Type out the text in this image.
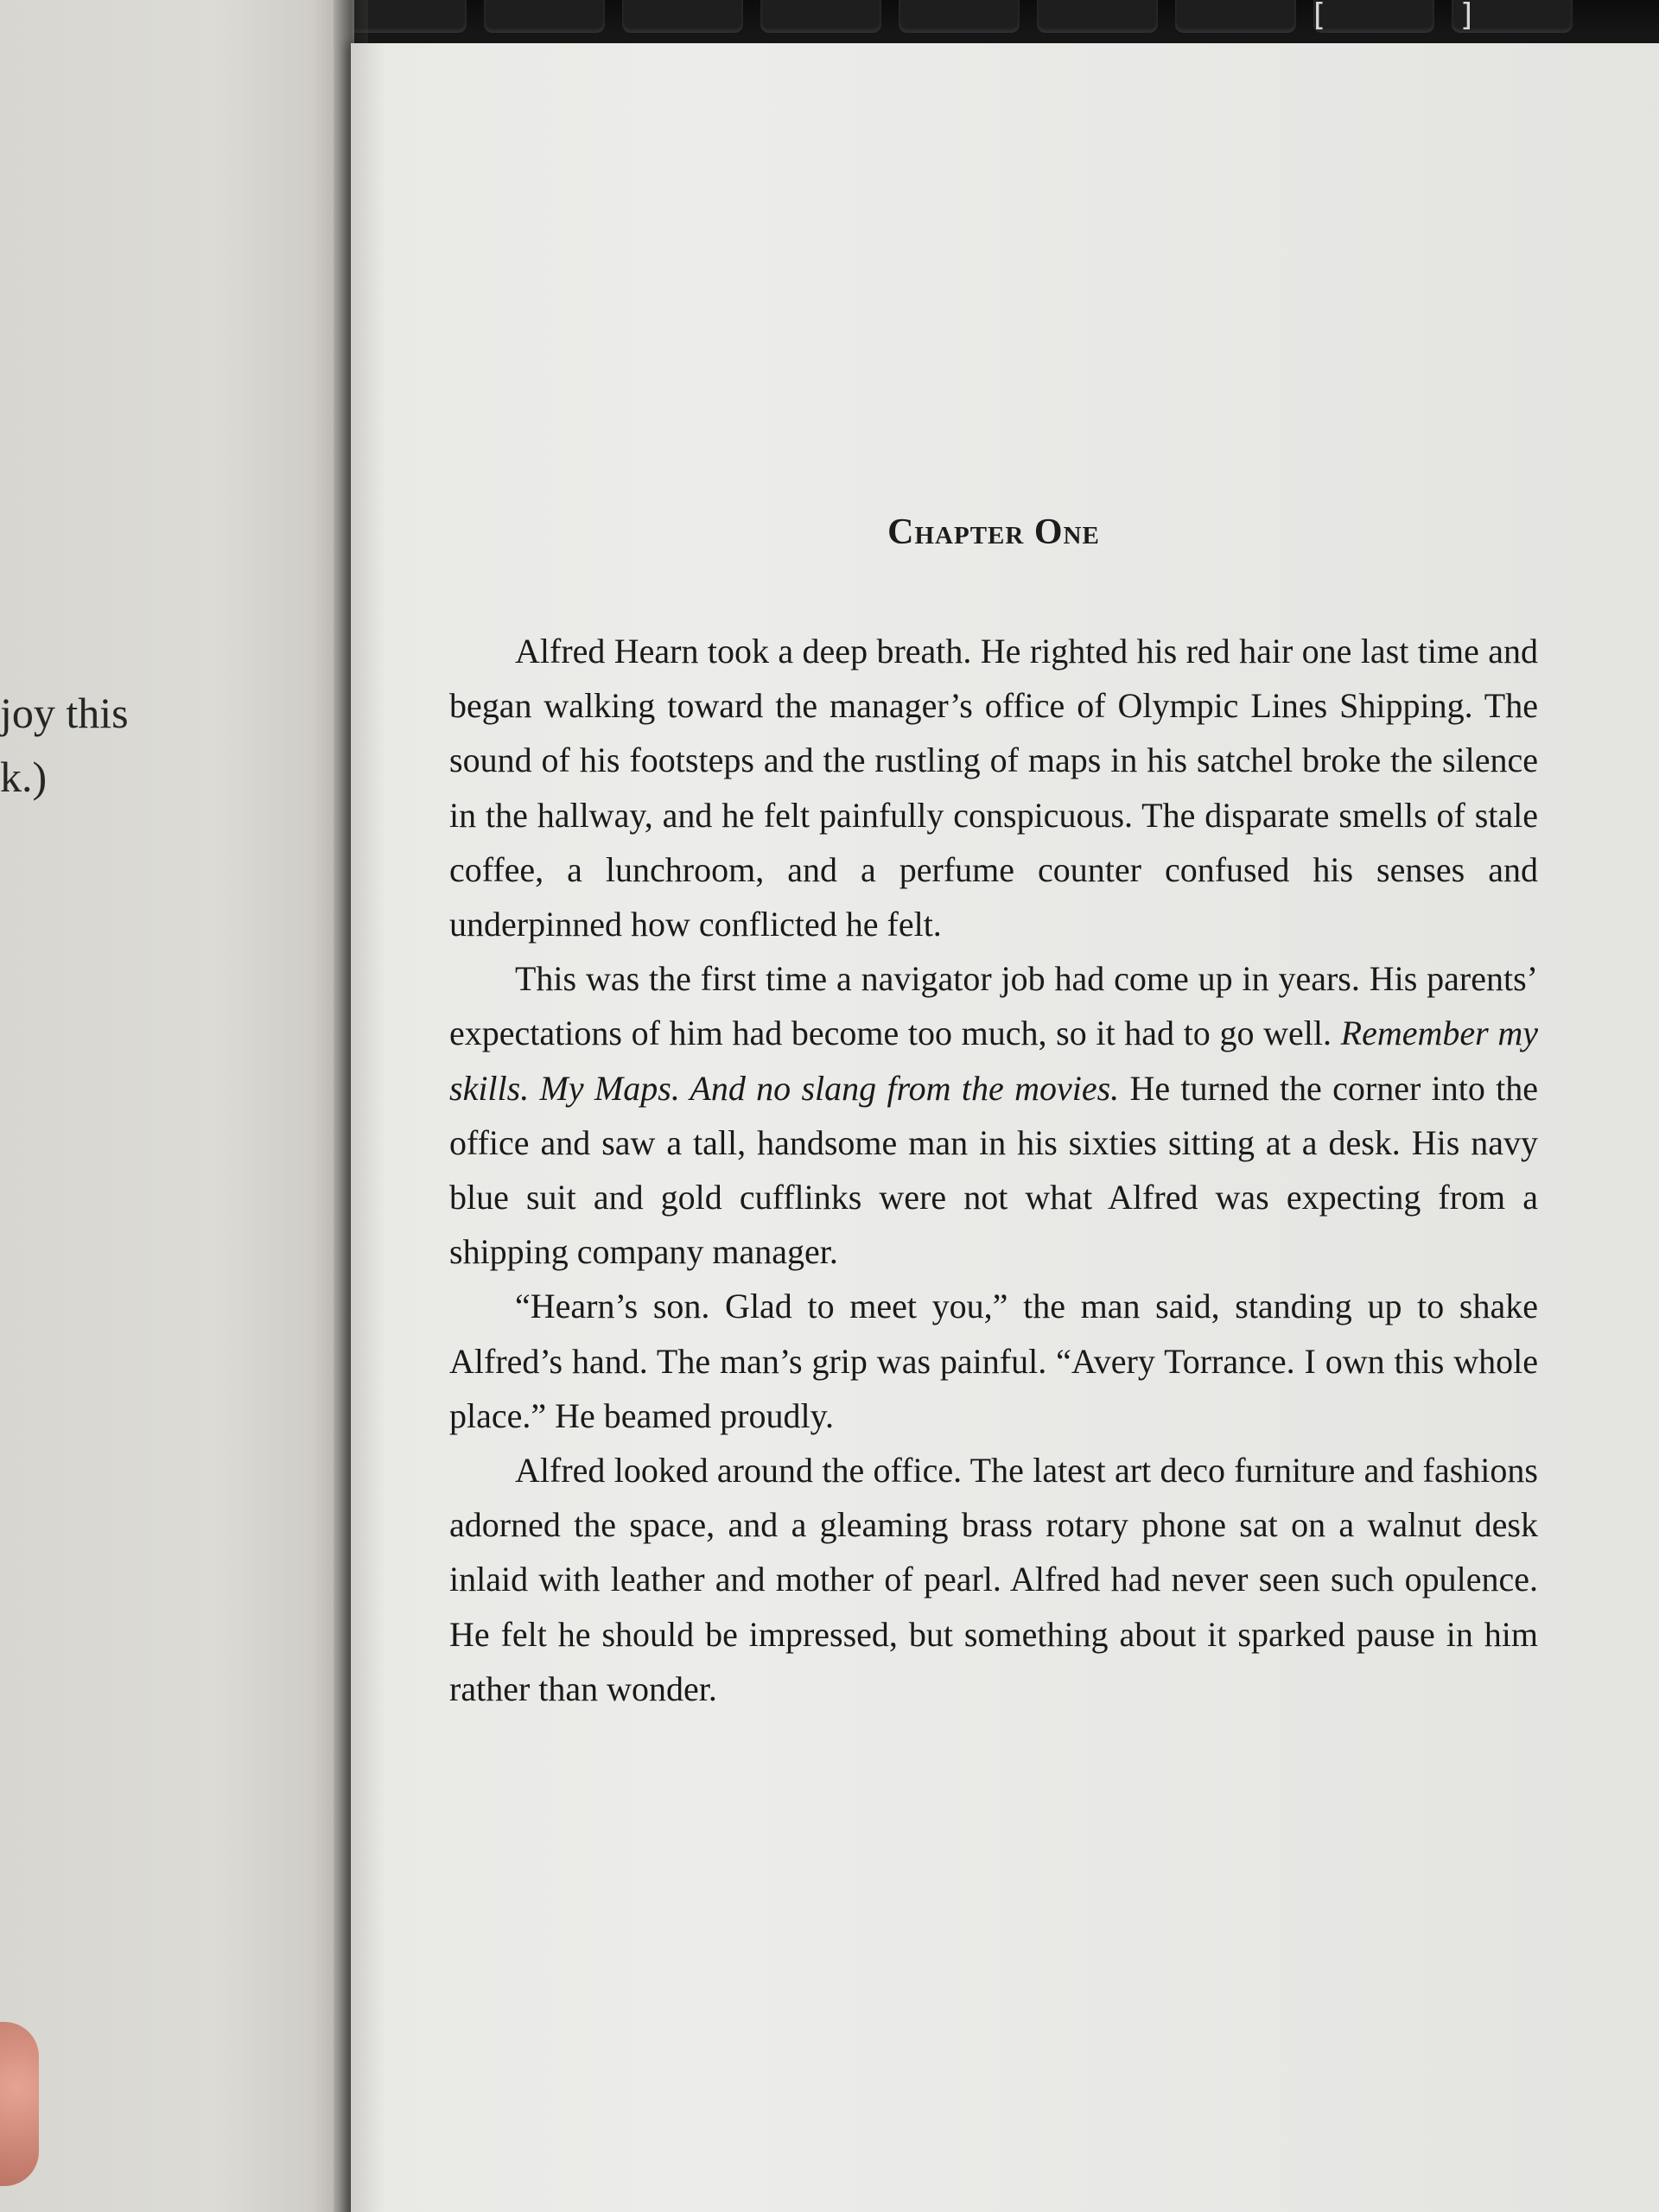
[	]

joy this
k.)

Chapter One

Alfred Hearn took a deep breath. He righted his red hair one last time and began walking toward the manager’s office of Olympic Lines Shipping. The sound of his footsteps and the rustling of maps in his satchel broke the silence in the hallway, and he felt painfully conspicuous. The disparate smells of stale coffee, a lunchroom, and a perfume counter confused his senses and underpinned how conflicted he felt.

This was the first time a navigator job had come up in years. His parents’ expectations of him had become too much, so it had to go well. Remember my skills. My Maps. And no slang from the movies. He turned the corner into the office and saw a tall, handsome man in his sixties sitting at a desk. His navy blue suit and gold cufflinks were not what Alfred was expecting from a shipping company manager.

“Hearn’s son. Glad to meet you,” the man said, standing up to shake Alfred’s hand. The man’s grip was painful. “Avery Torrance. I own this whole place.” He beamed proudly.

Alfred looked around the office. The latest art deco furniture and fashions adorned the space, and a gleaming brass rotary phone sat on a walnut desk inlaid with leather and mother of pearl. Alfred had never seen such opulence. He felt he should be impressed, but something about it sparked pause in him rather than wonder.
